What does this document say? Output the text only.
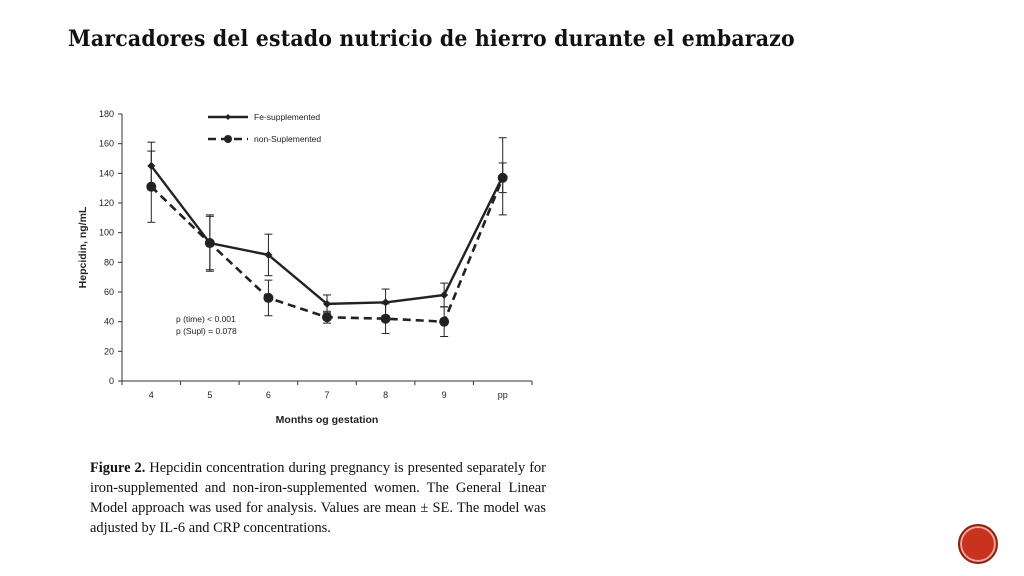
Marcadores del estado nutricio de hierro durante el embarazo
0
20
40
60
80
100
120
140
160
180
4	5	6	7	8	9	pp
Months og gestation
Hepcidin, ng/mL
Fe-supplemented
non-Suplemented
p (time) < 0.001
p (Supl) = 0.078
Figure 2. Hepcidin concentration during pregnancy is presented separately for iron-supplemented and non-iron-supplemented women. The General Linear Model approach was used for analysis. Values are mean ± SE. The model was adjusted by IL-6 and CRP concentrations.
